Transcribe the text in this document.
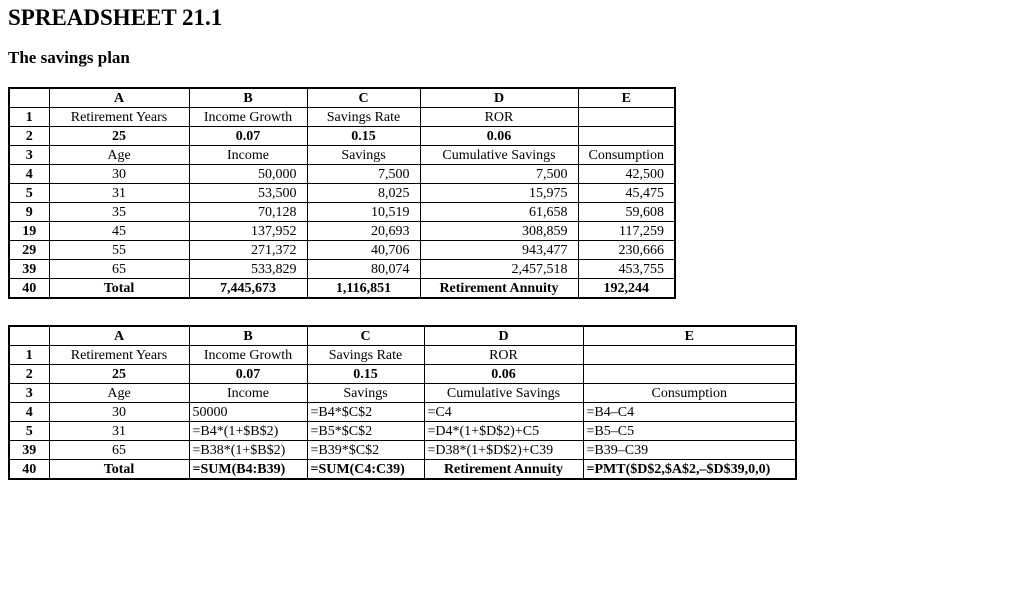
SPREADSHEET 21.1
The savings plan
	A	B	C	D	E
1	Retirement Years	Income Growth	Savings Rate	ROR	
2	25	0.07	0.15	0.06	
3	Age	Income	Savings	Cumulative Savings	Consumption
4	30	50,000	7,500	7,500	42,500
5	31	53,500	8,025	15,975	45,475
9	35	70,128	10,519	61,658	59,608
19	45	137,952	20,693	308,859	117,259
29	55	271,372	40,706	943,477	230,666
39	65	533,829	80,074	2,457,518	453,755
40	Total	7,445,673	1,116,851	Retirement Annuity	192,244
	A	B	C	D	E
1	Retirement Years	Income Growth	Savings Rate	ROR	
2	25	0.07	0.15	0.06	
3	Age	Income	Savings	Cumulative Savings	Consumption
4	30	50000	=B4*$C$2	=C4	=B4–C4
5	31	=B4*(1+$B$2)	=B5*$C$2	=D4*(1+$D$2)+C5	=B5–C5
39	65	=B38*(1+$B$2)	=B39*$C$2	=D38*(1+$D$2)+C39	=B39–C39
40	Total	=SUM(B4:B39)	=SUM(C4:C39)	Retirement Annuity	=PMT($D$2,$A$2,–$D$39,0,0)
